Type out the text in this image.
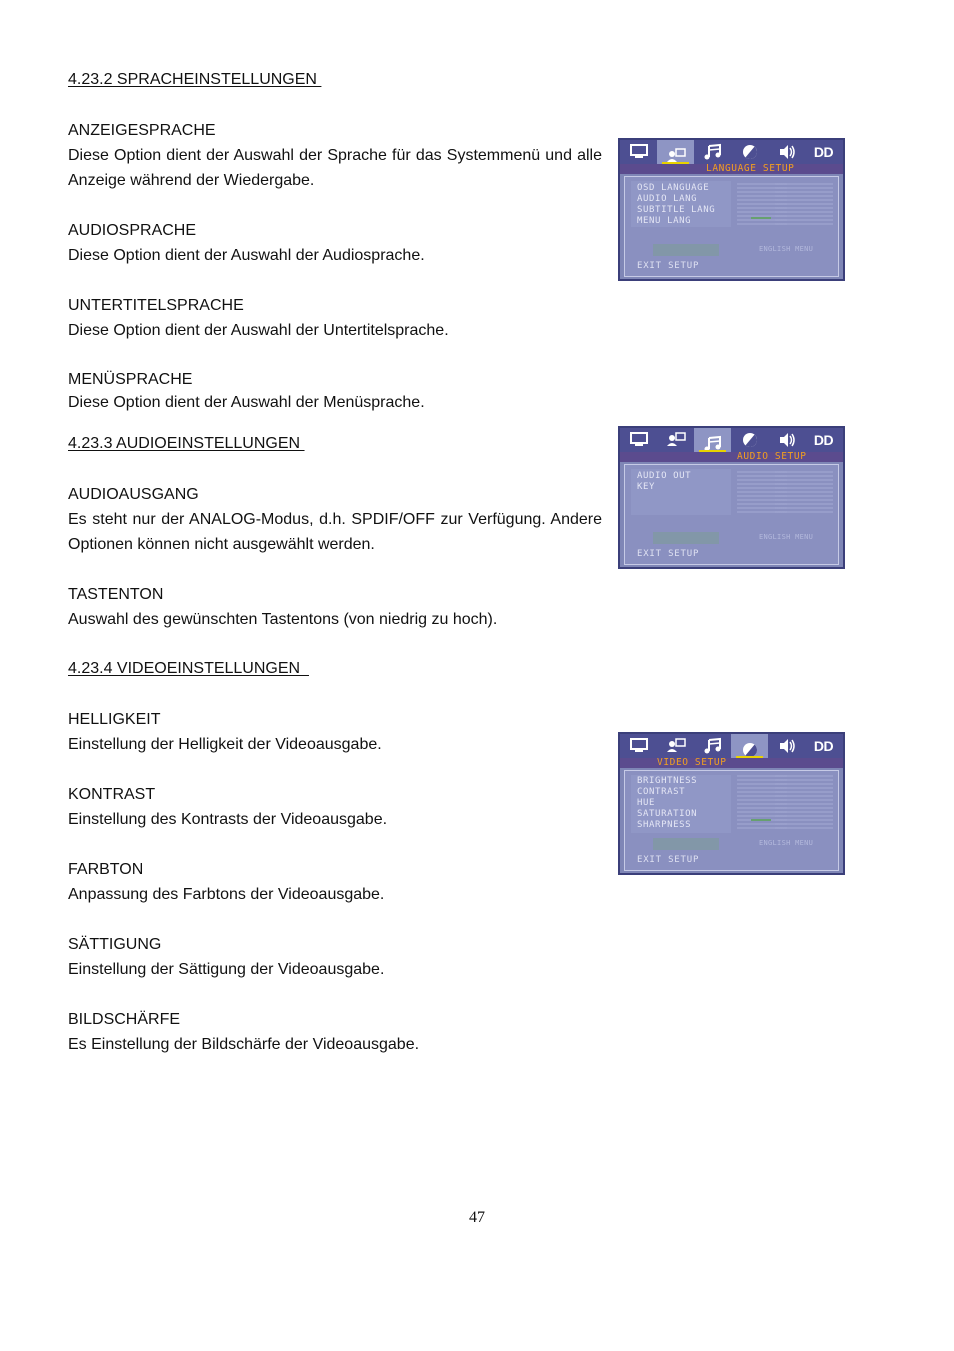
4.23.2 SPRACHEINSTELLUNGEN

ANZEIGESPRACHE
Diese Option dient der Auswahl der Sprache für das Systemmenü und alle Anzeige während der Wiedergabe.

AUDIOSPRACHE
Diese Option dient der Auswahl der Audiosprache.

UNTERTITELSPRACHE
Diese Option dient der Auswahl der Untertitelsprache.

MENÜSPRACHE
Diese Option dient der Auswahl der Menüsprache.

4.23.3 AUDIOEINSTELLUNGEN

AUDIOAUSGANG
Es steht nur der ANALOG-Modus, d.h. SPDIF/OFF zur Verfügung. Andere Optionen können nicht ausgewählt werden.

TASTENTON
Auswahl des gewünschten Tastentons (von niedrig zu hoch).

4.23.4 VIDEOEINSTELLUNGEN

HELLIGKEIT
Einstellung der Helligkeit der Videoausgabe.

KONTRAST
Einstellung des Kontrasts der Videoausgabe.

FARBTON
Anpassung des Farbtons der Videoausgabe.

SÄTTIGUNG
Einstellung der Sättigung der Videoausgabe.

BILDSCHÄRFE
Es Einstellung der Bildschärfe der Videoausgabe.

DD
LANGUAGE SETUP
OSD LANGUAGE
AUDIO LANG
SUBTITLE LANG
MENU LANG
ENGLISH MENU
EXIT SETUP
DD
AUDIO SETUP
AUDIO OUT
KEY
ENGLISH MENU
EXIT SETUP
DD
VIDEO SETUP
BRIGHTNESS
CONTRAST
HUE
SATURATION
SHARPNESS
ENGLISH MENU
EXIT SETUP
47
